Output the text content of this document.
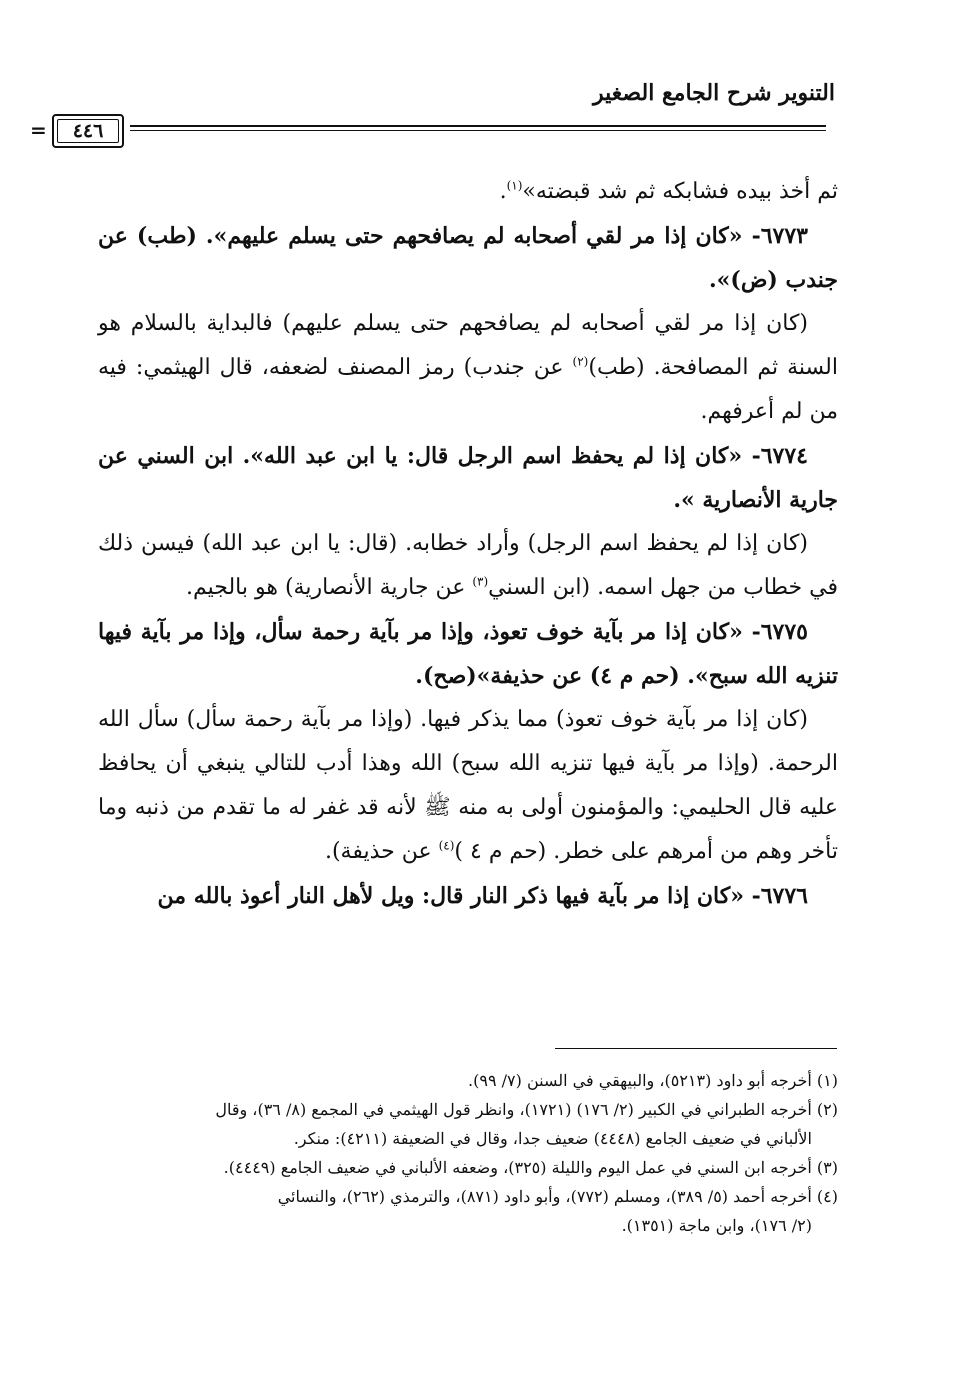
التنوير شرح الجامع الصغير
٤٤٦
=

ثم أخذ بيده فشابكه ثم شد قبضته»$^{(١)}$.

٦٧٧٣- «كان إذا مر لقي أصحابه لم يصافحهم حتى يسلم عليهم». (طب) عن جندب (ض)».

(كان إذا مر لقي أصحابه لم يصافحهم حتى يسلم عليهم) فالبداية بالسلام هو السنة ثم المصافحة. (طب)$^{(٢)}$ عن جندب) رمز المصنف لضعفه، قال الهيثمي: فيه من لم أعرفهم.

٦٧٧٤- «كان إذا لم يحفظ اسم الرجل قال: يا ابن عبد الله». ابن السني عن جارية الأنصارية ».

(كان إذا لم يحفظ اسم الرجل) وأراد خطابه. (قال: يا ابن عبد الله) فيسن ذلك في خطاب من جهل اسمه. (ابن السني$^{(٣)}$ عن جارية الأنصارية) هو بالجيم.

٦٧٧٥- «كان إذا مر بآية خوف تعوذ، وإذا مر بآية رحمة سأل، وإذا مر بآية فيها تنزيه الله سبح». (حم م ٤) عن حذيفة»(صح).

(كان إذا مر بآية خوف تعوذ) مما يذكر فيها. (وإذا مر بآية رحمة سأل) سأل الله الرحمة. (وإذا مر بآية فيها تنزيه الله سبح) الله وهذا أدب للتالي ينبغي أن يحافظ عليه قال الحليمي: والمؤمنون أولى به منه ﷺ لأنه قد غفر له ما تقدم من ذنبه وما تأخر وهم من أمرهم على خطر. (حم م ٤ )$^{(٤)}$ عن حذيفة).

٦٧٧٦- «كان إذا مر بآية فيها ذكر النار قال: ويل لأهل النار أعوذ بالله من

(١) أخرجه أبو داود (٥٢١٣)، والبيهقي في السنن (٧/ ٩٩).

(٢) أخرجه الطبراني في الكبير (٢/ ١٧٦) (١٧٢١)، وانظر قول الهيثمي في المجمع (٨/ ٣٦)، وقال

الألباني في ضعيف الجامع (٤٤٤٨) ضعيف جدا، وقال في الضعيفة (٤٢١١): منكر.

(٣) أخرجه ابن السني في عمل اليوم والليلة (٣٢٥)، وضعفه الألباني في ضعيف الجامع (٤٤٤٩).

(٤) أخرجه أحمد (٥/ ٣٨٩)، ومسلم (٧٧٢)، وأبو داود (٨٧١)، والترمذي (٢٦٢)، والنسائي

(٢/ ١٧٦)، وابن ماجة (١٣٥١).
